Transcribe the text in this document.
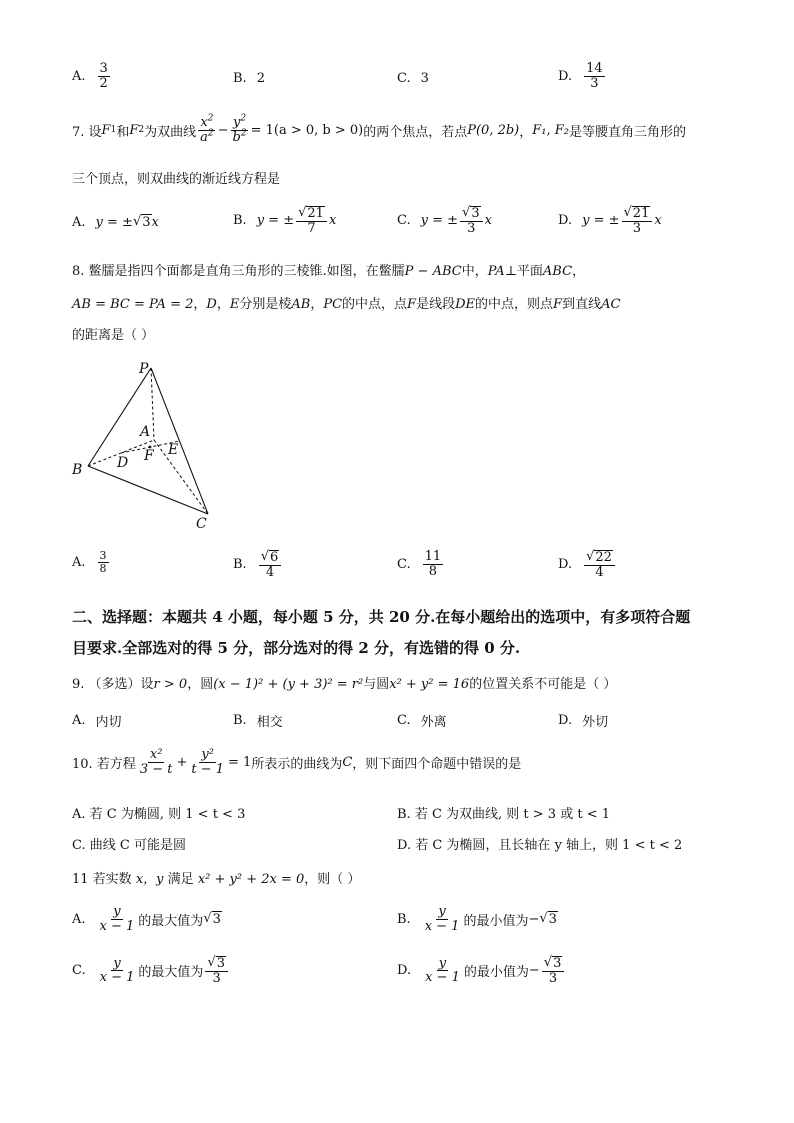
A. $\frac{3}{2}$	B. 2	C. 3	D. $\frac{14}{3}$
7. 设 F 1 和 F 2 为双曲线 $\frac{x^2}{a^2} - \frac{y^2}{b^2} = 1(a > 0$, b > 0) 的两个焦点，若点 P(0, 2b) ， F₁, F₂ 是等腰直角三角形的
三个顶点，则双曲线的渐近线方程是
A. y = ± √ 3 x	B. y = ± $\frac{√ 21}{7}$ x	C. y = ± $\frac{√ 3}{3}$ x	D. y = ± $\frac{√ 21}{3}$ x
8. 鳖臑是指四个面都是直角三角形的三棱锥.如图，在鳖臑P − ABC中，PA⊥平面ABC，
AB = BC = PA = 2，D，E分别是棱AB，PC的中点，点F是线段DE的中点，则点F到直线AC
的距离是（ ）
P
A
B
C
D
E
F
A. $\frac{3}{8}$	B. $\frac{√ 6}{4}$	C. $\frac{11}{8}$	D. $\frac{√ 22}{4}$
二、选择题：本题共 4 小题，每小题 5 分，共 20 分.在每小题给出的选项中，有多项符合题
目要求.全部选对的得 5 分，部分选对的得 2 分，有选错的得 0 分.
9. （多选）设r > 0，圆(x − 1)² + (y + 3)² = r²与圆x² + y² = 16的位置关系不可能是（ ）
A. 内切	B. 相交	C. 外离	D. 外切
10. 若方程 $\frac{\text{x²}}{3 - t} + \frac{\text{y²}}{t - 1} = 1$ 所表示的曲线为 C ，则下面四个命题中错误的是
A. 若 C 为椭圆, 则 1 < t < 3	B. 若 C 为双曲线, 则 t > 3 或 t < 1
C. 曲线 C 可能是圆	D. 若 C 为椭圆，且长轴在 y 轴上，则 1 < t < 2
11 若实数 x，y 满足 x² + y² + 2x = 0，则（ ）
A. $\frac{y}{x - 1}$ 的最大值为 √ 3	B. $\frac{y}{x - 1}$ 的最小值为 − √ 3
C. $\frac{y}{x - 1}$ 的最大值为 $\frac{√ 3}{3}$	D. $\frac{y}{x - 1}$ 的最小值为 − $\frac{√ 3}{3}$
